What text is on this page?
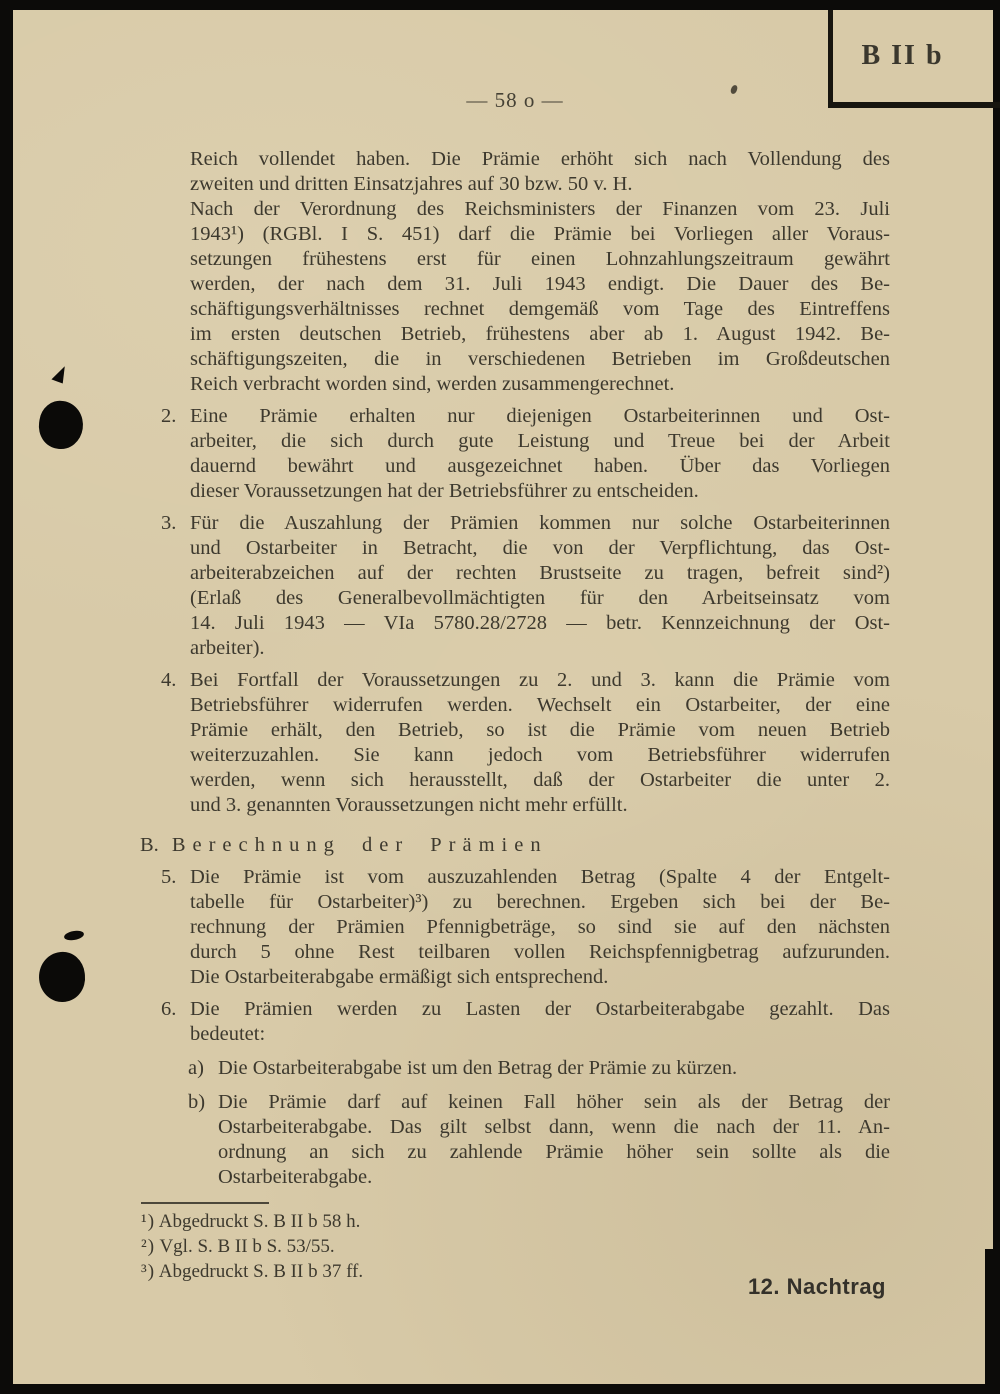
B II b
— 58 o —
Reich vollendet haben. Die Prämie erhöht sich nach Vollendung des
zweiten und dritten Einsatzjahres auf 30 bzw. 50 v. H.
Nach der Verordnung des Reichsministers der Finanzen vom 23. Juli
1943¹) (RGBl. I S. 451) darf die Prämie bei Vorliegen aller Voraus-
setzungen frühestens erst für einen Lohnzahlungszeitraum gewährt
werden, der nach dem 31. Juli 1943 endigt. Die Dauer des Be-
schäftigungsverhältnisses rechnet demgemäß vom Tage des Eintreffens
im ersten deutschen Betrieb, frühestens aber ab 1. August 1942. Be-
schäftigungszeiten, die in verschiedenen Betrieben im Großdeutschen
Reich verbracht worden sind, werden zusammengerechnet.
2. Eine Prämie erhalten nur diejenigen Ostarbeiterinnen und Ost-
arbeiter, die sich durch gute Leistung und Treue bei der Arbeit
dauernd bewährt und ausgezeichnet haben. Über das Vorliegen
dieser Voraussetzungen hat der Betriebsführer zu entscheiden.
3. Für die Auszahlung der Prämien kommen nur solche Ostarbeiterinnen
und Ostarbeiter in Betracht, die von der Verpflichtung, das Ost-
arbeiterabzeichen auf der rechten Brustseite zu tragen, befreit sind²)
(Erlaß des Generalbevollmächtigten für den Arbeitseinsatz vom
14. Juli 1943 — VIa 5780.28/2728 — betr. Kennzeichnung der Ost-
arbeiter).
4. Bei Fortfall der Voraussetzungen zu 2. und 3. kann die Prämie vom
Betriebsführer widerrufen werden. Wechselt ein Ostarbeiter, der eine
Prämie erhält, den Betrieb, so ist die Prämie vom neuen Betrieb
weiterzuzahlen. Sie kann jedoch vom Betriebsführer widerrufen
werden, wenn sich herausstellt, daß der Ostarbeiter die unter 2.
und 3. genannten Voraussetzungen nicht mehr erfüllt.
B. Berechnung der Prämien
5. Die Prämie ist vom auszuzahlenden Betrag (Spalte 4 der Entgelt-
tabelle für Ostarbeiter)³) zu berechnen. Ergeben sich bei der Be-
rechnung der Prämien Pfennigbeträge, so sind sie auf den nächsten
durch 5 ohne Rest teilbaren vollen Reichspfennigbetrag aufzurunden.
Die Ostarbeiterabgabe ermäßigt sich entsprechend.
6. Die Prämien werden zu Lasten der Ostarbeiterabgabe gezahlt. Das
bedeutet:
a) Die Ostarbeiterabgabe ist um den Betrag der Prämie zu kürzen.
b) Die Prämie darf auf keinen Fall höher sein als der Betrag der
Ostarbeiterabgabe. Das gilt selbst dann, wenn die nach der 11. An-
ordnung an sich zu zahlende Prämie höher sein sollte als die
Ostarbeiterabgabe.
¹) Abgedruckt S. B II b 58 h.
²) Vgl. S. B II b S. 53/55.
³) Abgedruckt S. B II b 37 ff.
12. Nachtrag
